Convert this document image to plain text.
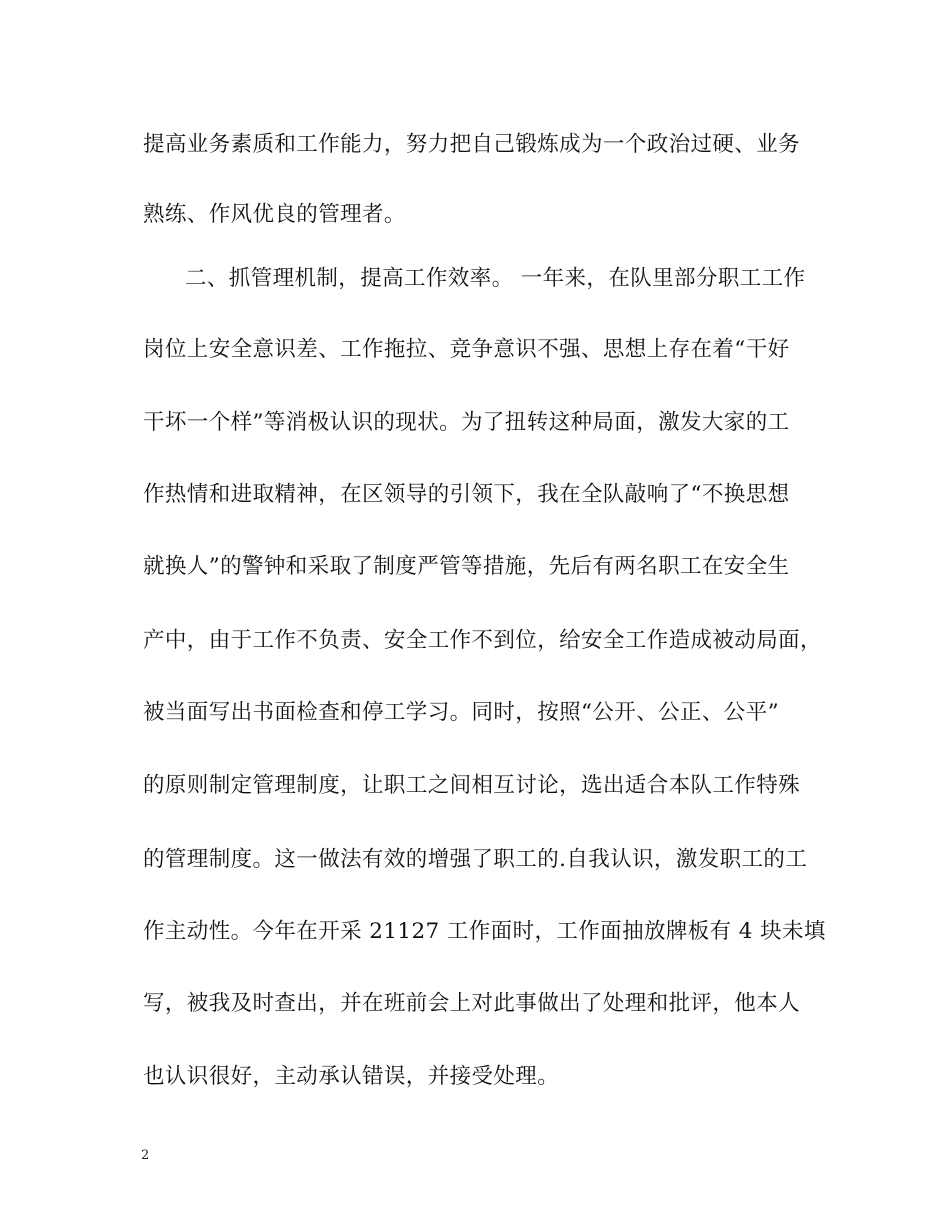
提高业务素质和工作能力，努力把自己锻炼成为一个政治过硬、业务
熟练、作风优良的管理者。
二、抓管理机制，提高工作效率。 一年来，在队里部分职工工作
岗位上安全意识差、工作拖拉、竞争意识不强、思想上存在着“干好
干坏一个样”等消极认识的现状。为了扭转这种局面，激发大家的工
作热情和进取精神，在区领导的引领下，我在全队敲响了“不换思想
就换人”的警钟和采取了制度严管等措施，先后有两名职工在安全生
产中，由于工作不负责、安全工作不到位，给安全工作造成被动局面，
被当面写出书面检查和停工学习。同时，按照“公开、公正、公平”
的原则制定管理制度，让职工之间相互讨论，选出适合本队工作特殊
的管理制度。这一做法有效的增强了职工的.自我认识，激发职工的工
作主动性。今年在开采 21127 工作面时，工作面抽放牌板有 4 块未填
写，被我及时查出，并在班前会上对此事做出了处理和批评，他本人
也认识很好，主动承认错误，并接受处理。
2
